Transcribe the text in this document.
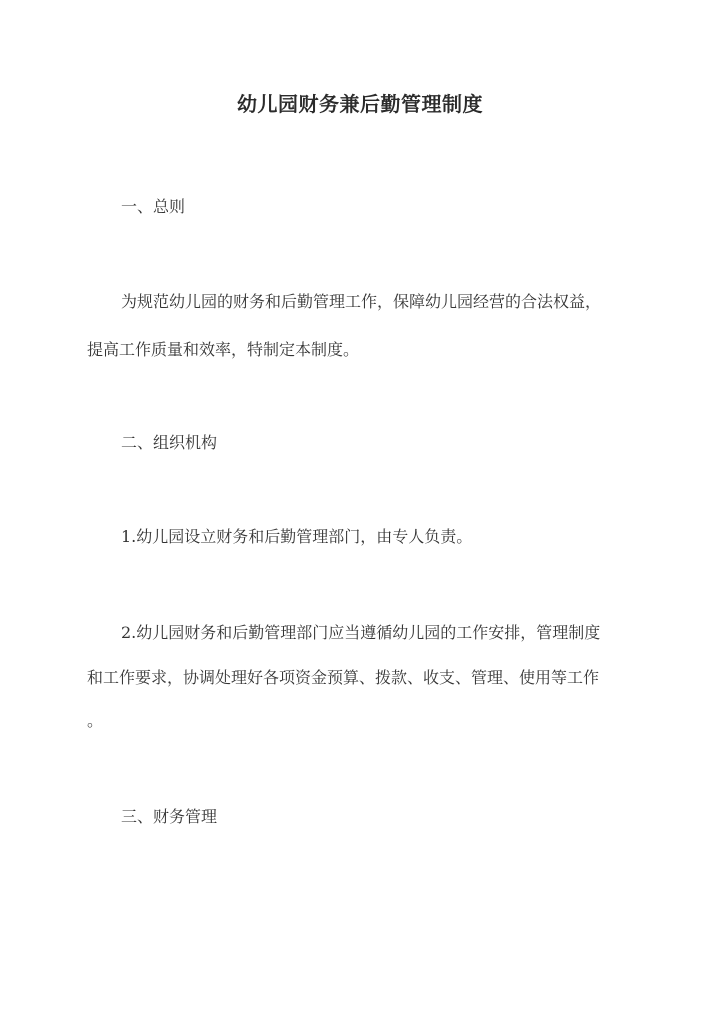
幼儿园财务兼后勤管理制度
一、总则
为规范幼儿园的财务和后勤管理工作，保障幼儿园经营的合法权益，
提高工作质量和效率，特制定本制度。
二、组织机构
1.幼儿园设立财务和后勤管理部门，由专人负责。
2.幼儿园财务和后勤管理部门应当遵循幼儿园的工作安排，管理制度
和工作要求，协调处理好各项资金预算、拨款、收支、管理、使用等工作
。
三、财务管理
